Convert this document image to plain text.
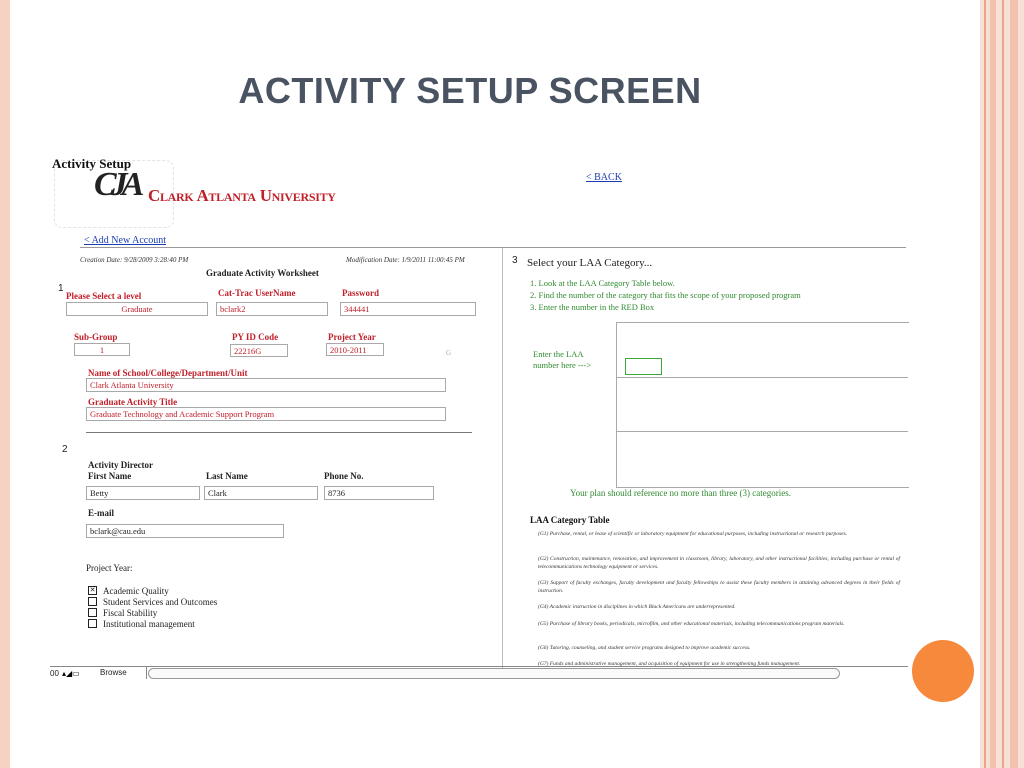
ACTIVITY SETUP SCREEN
Activity Setup
CJA Clark Atlanta University
< BACK
< Add New Account
Creation Date: 9/28/2009 3:28:40 PM	Modification Date: 1/9/2011 11:00:45 PM
Graduate Activity Worksheet
1
2
3
Please Select a level
Graduate
Cat-Trac UserName
bclark2
Password
344441
Sub-Group
1
PY ID Code
22216G
Project Year
2010-2011	G
Name of School/College/Department/Unit
Clark Atlanta University
Graduate Activity Title
Graduate Technology and Academic Support Program
Activity Director
First Name
Betty
Last Name
Clark
Phone No.
8736
E-mail
bclark@cau.edu
Project Year:
✕ Academic Quality
Student Services and Outcomes
Fiscal Stability
Institutional management
Select your LAA Category...
1. Look at the LAA Category Table below.
2. Find the number of the category that fits the scope of your proposed program
3. Enter the number in the RED Box
Enter the LAA number here --->
Your plan should reference no more than three (3) categories.
LAA Category Table
(G1) Purchase, rental, or lease of scientific or laboratory equipment for educational purposes, including instructional or research purposes.
(G2) Construction, maintenance, renovation, and improvement in classroom, library, laboratory, and other instructional facilities, including purchase or rental of telecommunications technology equipment or services.
(G3) Support of faculty exchanges, faculty development and faculty fellowships to assist these faculty members in attaining advanced degrees in their fields of instruction.
(G4) Academic instruction in disciplines in which Black Americans are underrepresented.
(G5) Purchase of library books, periodicals, microfilm, and other educational materials, including telecommunications program materials.
(G6) Tutoring, counseling, and student service programs designed to improve academic success.
(G7) Funds and administrative management, and acquisition of equipment for use in strengthening funds management.
00 ▴◢▭	Browse
